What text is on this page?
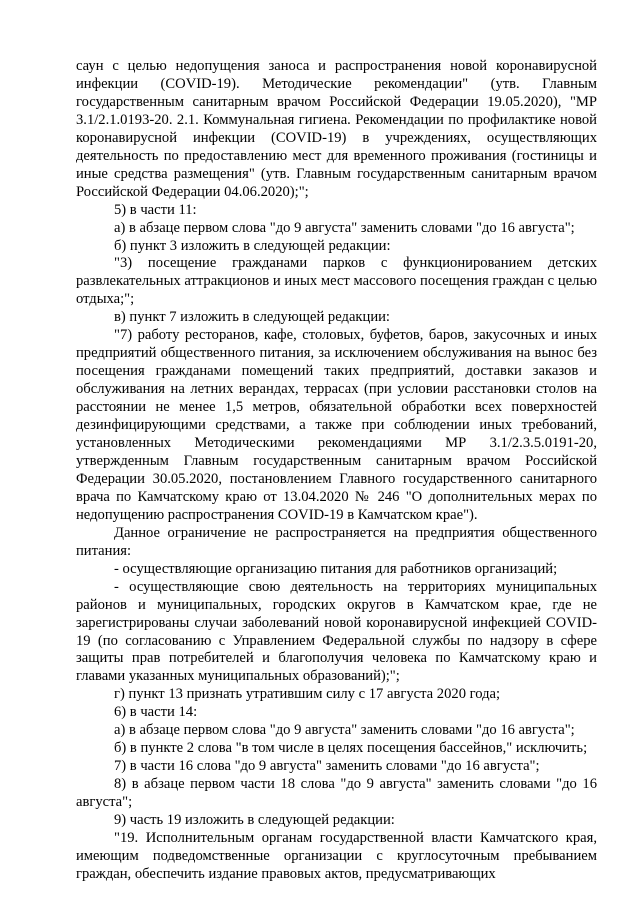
саун с целью недопущения заноса и распространения новой коронавирусной инфекции (COVID-19). Методические рекомендации" (утв. Главным государственным санитарным врачом Российской Федерации 19.05.2020), "МР 3.1/2.1.0193-20. 2.1. Коммунальная гигиена. Рекомендации по профилактике новой коронавирусной инфекции (COVID-19) в учреждениях, осуществляющих деятельность по предоставлению мест для временного проживания (гостиницы и иные средства размещения" (утв. Главным государственным санитарным врачом Российской Федерации 04.06.2020);";

5) в части 11:

а) в абзаце первом слова "до 9 августа" заменить словами "до 16 августа";

б) пункт 3 изложить в следующей редакции:

"3) посещение гражданами парков с функционированием детских развлекательных аттракционов и иных мест массового посещения граждан с целью отдыха;";

в) пункт 7 изложить в следующей редакции:

"7) работу ресторанов, кафе, столовых, буфетов, баров, закусочных и иных предприятий общественного питания, за исключением обслуживания на вынос без посещения гражданами помещений таких предприятий, доставки заказов и обслуживания на летних верандах, террасах (при условии расстановки столов на расстоянии не менее 1,5 метров, обязательной обработки всех поверхностей дезинфицирующими средствами, а также при соблюдении иных требований, установленных Методическими рекомендациями МР 3.1/2.3.5.0191-20, утвержденным Главным государственным санитарным врачом Российской Федерации 30.05.2020, постановлением Главного государственного санитарного врача по Камчатскому краю от 13.04.2020 № 246 "О дополнительных мерах по недопущению распространения COVID-19 в Камчатском крае").

Данное ограничение не распространяется на предприятия общественного питания:

- осуществляющие организацию питания для работников организаций;

- осуществляющие свою деятельность на территориях муниципальных районов и муниципальных, городских округов в Камчатском крае, где не зарегистрированы случаи заболеваний новой коронавирусной инфекцией COVID-19 (по согласованию с Управлением Федеральной службы по надзору в сфере защиты прав потребителей и благополучия человека по Камчатскому краю и главами указанных муниципальных образований);";

г) пункт 13 признать утратившим силу с 17 августа 2020 года;

6) в части 14:

а) в абзаце первом слова "до 9 августа" заменить словами "до 16 августа";

б) в пункте 2 слова "в том числе в целях посещения бассейнов," исключить;

7) в части 16 слова "до 9 августа" заменить словами "до 16 августа";

8) в абзаце первом части 18 слова "до 9 августа" заменить словами "до 16 августа";

9) часть 19 изложить в следующей редакции:

"19. Исполнительным органам государственной власти Камчатского края, имеющим подведомственные организации с круглосуточным пребыванием граждан, обеспечить издание правовых актов, предусматривающих
